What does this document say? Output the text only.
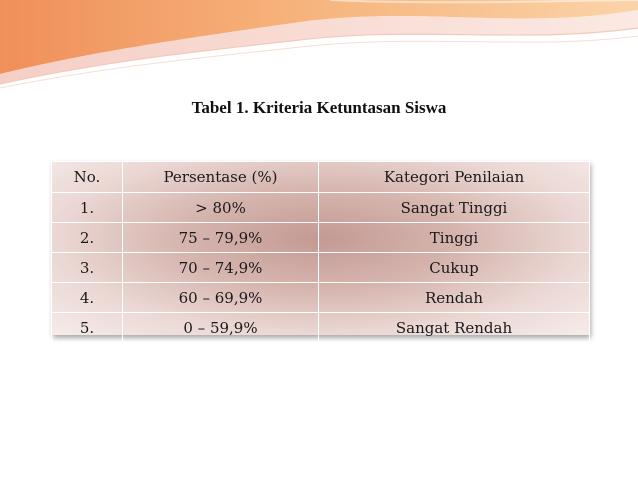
Tabel 1. Kriteria Ketuntasan Siswa
No.	Persentase (%)	Kategori Penilaian
1.	> 80%	Sangat Tinggi
2.	75 – 79,9%	Tinggi
3.	70 – 74,9%	Cukup
4.	60 – 69,9%	Rendah
5.	0 – 59,9%	Sangat Rendah
